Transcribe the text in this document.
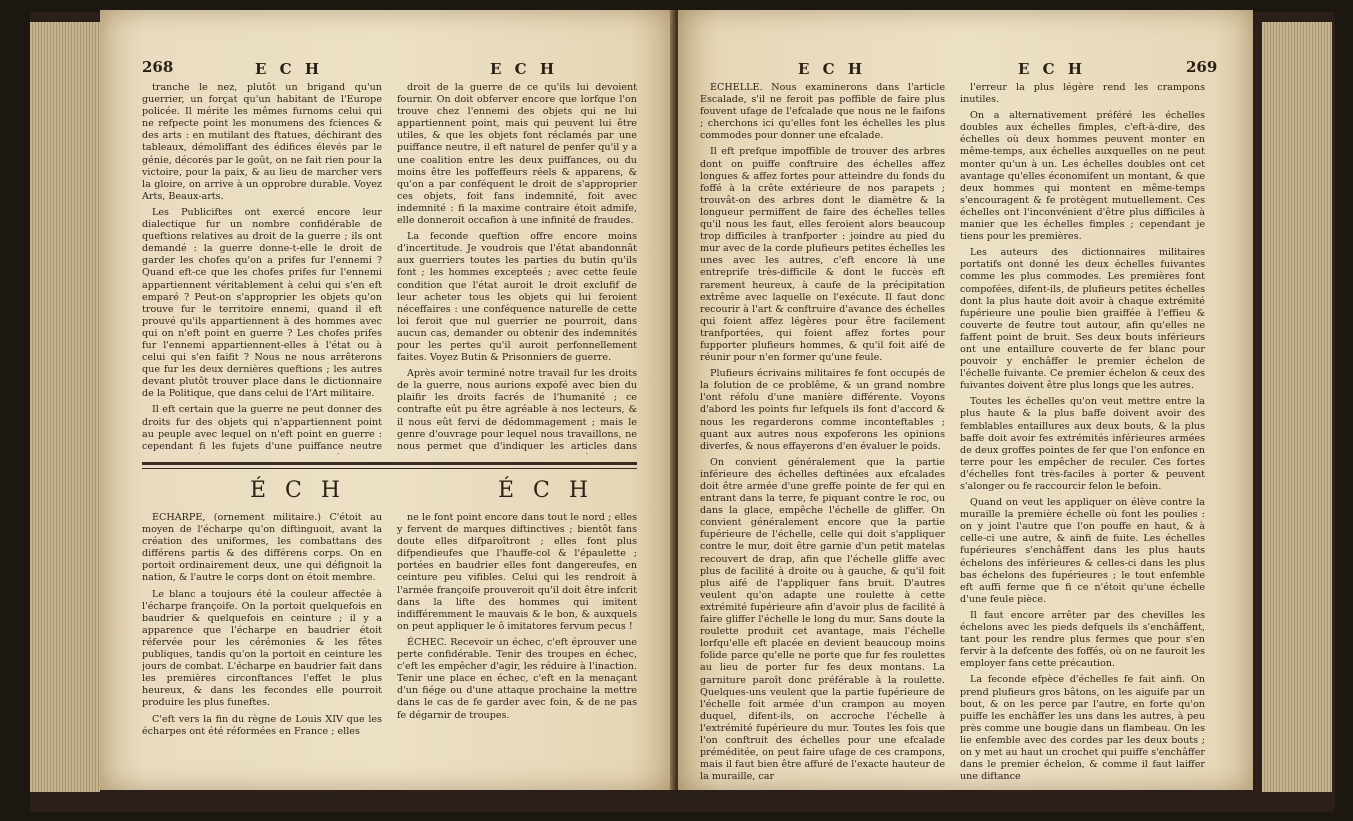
268	E C H	E C H

tranche le nez, plutôt un brigand qu'un guerrier, un forçat qu'un habitant de l'Europe policée. Il mérite les mêmes furnoms celui qui ne refpecte point les monumens des fciences & des arts : en mutilant des ftatues, déchirant des tableaux, démoliffant des édifices élevés par le génie, décorés par le goût, on ne fait rien pour la victoire, pour la paix, & au lieu de marcher vers la gloire, on arrive à un opprobre durable. Voyez Arts, Beaux-arts.

Les Publiciftes ont exercé encore leur dialectique fur un nombre confidérable de queftions relatives au droit de la guerre ; ils ont demandé : la guerre donne-t-elle le droit de garder les chofes qu'on a prifes fur l'ennemi ? Quand eft-ce que les chofes prifes fur l'ennemi appartiennent véritablement à celui qui s'en eft emparé ? Peut-on s'approprier les objets qu'on trouve fur le territoire ennemi, quand il eft prouvé qu'ils appartiennent à des hommes avec qui on n'eft point en guerre ? Les chofes prifes fur l'ennemi appartiennent-elles à l'état ou à celui qui s'en faifit ? Nous ne nous arrêterons que fur les deux dernières queftions ; les autres devant plutôt trouver place dans le dictionnaire de la Politique, que dans celui de l'Art militaire.

Il eft certain que la guerre ne peut donner des droits fur des objets qui n'appartiennent point au peuple avec lequel on n'eft point en guerre : cependant fi les fujets d'une puiffance neutre

droit de la guerre de ce qu'ils lui devoient fournir. On doit obferver encore que lorfque l'on trouve chez l'ennemi des objets qui ne lui appartiennent point, mais qui peuvent lui être utiles, & que les objets font réclamés par une puiffance neutre, il eft naturel de penfer qu'il y a une coalition entre les deux puiffances, ou du moins être les poffeffeurs réels & apparens, & qu'on a par conféquent le droit de s'approprier ces objets, foit fans indemnité, foit avec indemnité : fi la maxime contraire étoit admife, elle donneroit occafion à une infinité de fraudes.

La feconde queftion offre encore moins d'incertitude. Je voudrois que l'état abandonnât aux guerriers toutes les parties du butin qu'ils font ; les hommes excepteés ; avec cette feule condition que l'état auroit le droit exclufif de leur acheter tous les objets qui lui feroient néceffaires : une conféquence naturelle de cette loi feroit que nul guerrier ne pourroit, dans aucun cas, demander ou obtenir des indemnités pour les pertes qu'il auroit perfonnellement faites. Voyez Butin & Prisonniers de guerre.

Après avoir terminé notre travail fur les droits de la guerre, nous aurions expofé avec bien du plaifir les droits facrés de l'humanité ; ce contrafte eût pu être agréable à nos lecteurs, & il nous eût fervi de dédommagement ; mais le genre d'ouvrage pour lequel nous travaillons, ne nous permet que d'indiquer les articles dans

É C H	É C H

ÉCHARPE, (ornement militaire.) C'étoit au moyen de l'écharpe qu'on diftinguoit, avant la création des uniformes, les combattans des différens partis & des différens corps. On en portoit ordinairement deux, une qui défignoit la nation, & l'autre le corps dont on étoit membre.

Le blanc a toujours été la couleur affectée à l'écharpe françoife. On la portoit quelquefois en baudrier & quelquefois en ceinture ; il y a apparence que l'écharpe en baudrier étoit réfervée pour les cérémonies & les fêtes publiques, tandis qu'on la portoit en ceinture les jours de combat. L'écharpe en baudrier fait dans les premières circonftances l'effet le plus heureux, & dans les fecondes elle pourroit produire les plus funeftes.

C'eft vers la fin du règne de Louis XIV que les écharpes ont été réformées en France ; elles

ne le font point encore dans tout le nord ; elles y fervent de marques diftinctives ; bientôt fans doute elles difparoîtront ; elles font plus difpendieufes que l'hauffe-col & l'épaulette ; portées en baudrier elles font dangereufes, en ceinture peu vifibles. Celui qui les rendroit à l'armée françoife prouveroit qu'il doit être infcrit dans la lifte des hommes qui imitent indifféremment le mauvais & le bon, & auxquels on peut appliquer le ô imitatores fervum pecus !

ÉCHEC. Recevoir un échec, c'eft éprouver une perte confidérable. Tenir des troupes en échec, c'eft les empêcher d'agir, les réduire à l'inaction. Tenir une place en échec, c'eft en la menaçant d'un fiége ou d'une attaque prochaine la mettre dans le cas de fe garder avec foin, & de ne pas fe dégarnir de troupes.

E C H	E C H	269

ÉCHELLE. Nous examinerons dans l'article Escalade, s'il ne feroit pas poffible de faire plus fouvent ufage de l'efcalade que nous ne le faifons ; cherchons ici qu'elles font les échelles les plus commodes pour donner une efcalade.

Il eft prefque impoffible de trouver des arbres dont on puiffe conftruire des échelles affez longues & affez fortes pour atteindre du fonds du foffé à la crête extérieure de nos parapets ; trouvât-on des arbres dont le diamètre & la longueur permiffent de faire des échelles telles qu'il nous les faut, elles feroient alors beaucoup trop difficiles à tranfporter : joindre au pied du mur avec de la corde plufieurs petites échelles les unes avec les autres, c'eft encore là une entreprife très-difficile & dont le fuccès eft rarement heureux, à caufe de la précipitation extrême avec laquelle on l'exécute. Il faut donc recourir à l'art & conftruire d'avance des échelles qui foient affez légères pour être facilement tranfportées, qui foient affez fortes pour fupporter plufieurs hommes, & qu'il foit aifé de réunir pour n'en former qu'une feule.

Plufieurs écrivains militaires fe font occupés de la folution de ce problême, & un grand nombre l'ont réfolu d'une manière différente. Voyons d'abord les points fur lefquels ils font d'accord & nous les regarderons comme inconteftables ; quant aux autres nous expoferons les opinions diverfes, & nous effayerons d'en évaluer le poids.

On convient généralement que la partie inférieure des échelles deftinées aux efcalades doit être armée d'une greffe pointe de fer qui en entrant dans la terre, fe piquant contre le roc, ou dans la glace, empêche l'échelle de gliffer. On convient généralement encore que la partie fupérieure de l'échelle, celle qui doit s'appliquer contre le mur, doit être garnie d'un petit matelas recouvert de drap, afin que l'échelle gliffe avec plus de facilité à droite ou à gauche, & qu'il foit plus aifé de l'appliquer fans bruit. D'autres veulent qu'on adapte une roulette à cette extrémité fupérieure afin d'avoir plus de facilité à faire gliffer l'échelle le long du mur. Sans doute la roulette produit cet avantage, mais l'échelle lorfqu'elle eft placée en devient beaucoup moins folide parce qu'elle ne porte que fur fes roulettes au lieu de porter fur fes deux montans. La garniture paroît donc préférable à la roulette. Quelques-uns veulent que la partie fupérieure de l'échelle foit armée d'un crampon au moyen duquel, difent-ils, on accroche l'échelle à l'extrémité fupérieure du mur. Toutes les fois que l'on conftruit des échelles pour une efcalade préméditée, on peut faire ufage de ces crampons, mais il faut bien être affuré de l'exacte hauteur de la muraille, car

l'erreur la plus légère rend les crampons inutiles.

On a alternativement préféré les échelles doubles aux échelles fimples, c'eft-à-dire, des échelles où deux hommes peuvent monter en même-temps, aux échelles auxquelles on ne peut monter qu'un à un. Les échelles doubles ont cet avantage qu'elles économifent un montant, & que deux hommes qui montent en même-temps s'encouragent & fe protègent mutuellement. Ces échelles ont l'inconvénient d'être plus difficiles à manier que les échelles fimples ; cependant je tiens pour les premières.

Les auteurs des dictionnaires militaires portatifs ont donné les deux échelles fuivantes comme les plus commodes. Les premières font compofées, difent-ils, de plufieurs petites échelles dont la plus haute doit avoir à chaque extrémité fupérieure une poulie bien graiffée à l'effieu & couverte de feutre tout autour, afin qu'elles ne faffent point de bruit. Ses deux bouts inférieurs ont une entaillure couverte de fer blanc pour pouvoir y enchâffer le premier échelon de l'échelle fuivante. Ce premier échelon & ceux des fuivantes doivent être plus longs que les autres.

Toutes les échelles qu'on veut mettre entre la plus haute & la plus baffe doivent avoir des femblables entaillures aux deux bouts, & la plus baffe doit avoir fes extrémités inférieures armées de deux groffes pointes de fer que l'on enfonce en terre pour les empêcher de reculer. Ces fortes d'échelles font très-faciles à porter & peuvent s'alonger ou fe raccourcir felon le befoin.

Quand on veut les appliquer on élève contre la muraille la première échelle où font les poulies : on y joint l'autre que l'on pouffe en haut, & à celle-ci une autre, & ainfi de fuite. Les échelles fupérieures s'enchâffent dans les plus hauts échelons des inférieures & celles-ci dans les plus bas échelons des fupérieures ; le tout enfemble eft auffi ferme que fi ce n'étoit qu'une échelle d'une feule pièce.

Il faut encore arrêter par des chevilles les échelons avec les pieds defquels ils s'enchâffent, tant pour les rendre plus fermes que pour s'en fervir à la defcente des foffés, où on ne fauroit les employer fans cette précaution.

La feconde efpèce d'échelles fe fait ainfi. On prend plufieurs gros bâtons, on les aiguife par un bout, & on les perce par l'autre, en forte qu'on puiffe les enchâffer les uns dans les autres, à peu près comme une bougie dans un flambeau. On les lie enfemble avec des cordes par les deux bouts ; on y met au haut un crochet qui puiffe s'enchâffer dans le premier échelon, & comme il faut laiffer une diftance
